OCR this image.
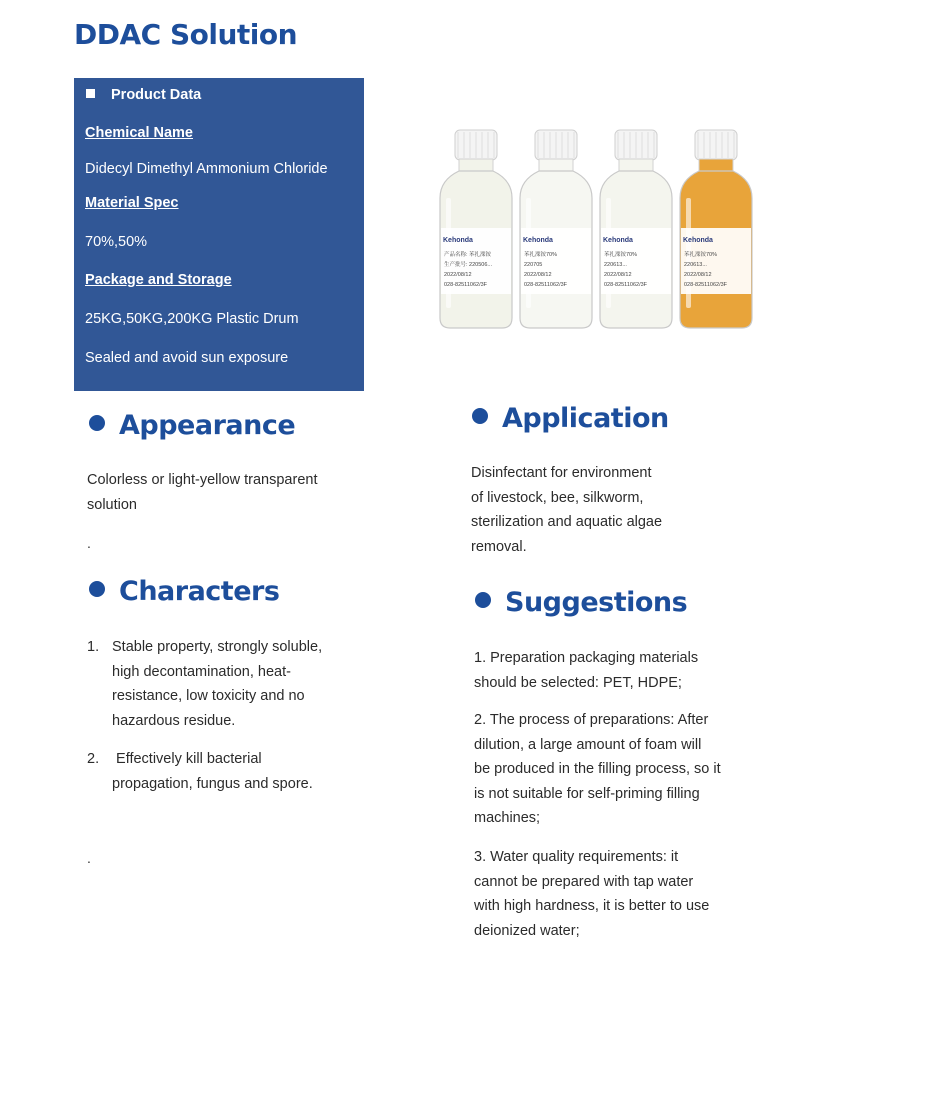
DDAC Solution
Product Data
Chemical Name
Didecyl Dimethyl Ammonium Chloride
Material Spec
70%,50%
Package and Storage
25KG,50KG,200KG Plastic Drum
Sealed and avoid sun exposure
Kehonda
产品名称: 苯扎溧铵
生产批号: 220506...
2022/08/12
028-82511062/3F
Kehonda
苯扎溧铵70%
220705
2022/08/12
028-82511062/3F
Kehonda
苯扎溧铵70%
220613...
2022/08/12
028-82511062/3F
Kehonda
苯扎溧铵70%
220613...
2022/08/12
028-82511062/3F
Appearance
Colorless or light-yellow transparent
solution
.
Application
Disinfectant for environment
of livestock, bee, silkworm,
sterilization and aquatic algae
removal.
Characters
1. Stable property, strongly soluble,
high decontamination, heat-
resistance, low toxicity and no
hazardous residue.
2. Effectively kill bacterial
propagation, fungus and spore.
.
Suggestions
1. Preparation packaging materials
should be selected: PET, HDPE;
2. The process of preparations: After
dilution, a large amount of foam will
be produced in the filling process, so it
is not suitable for self-priming filling
machines;
3. Water quality requirements: it
cannot be prepared with tap water
with high hardness, it is better to use
deionized water;
